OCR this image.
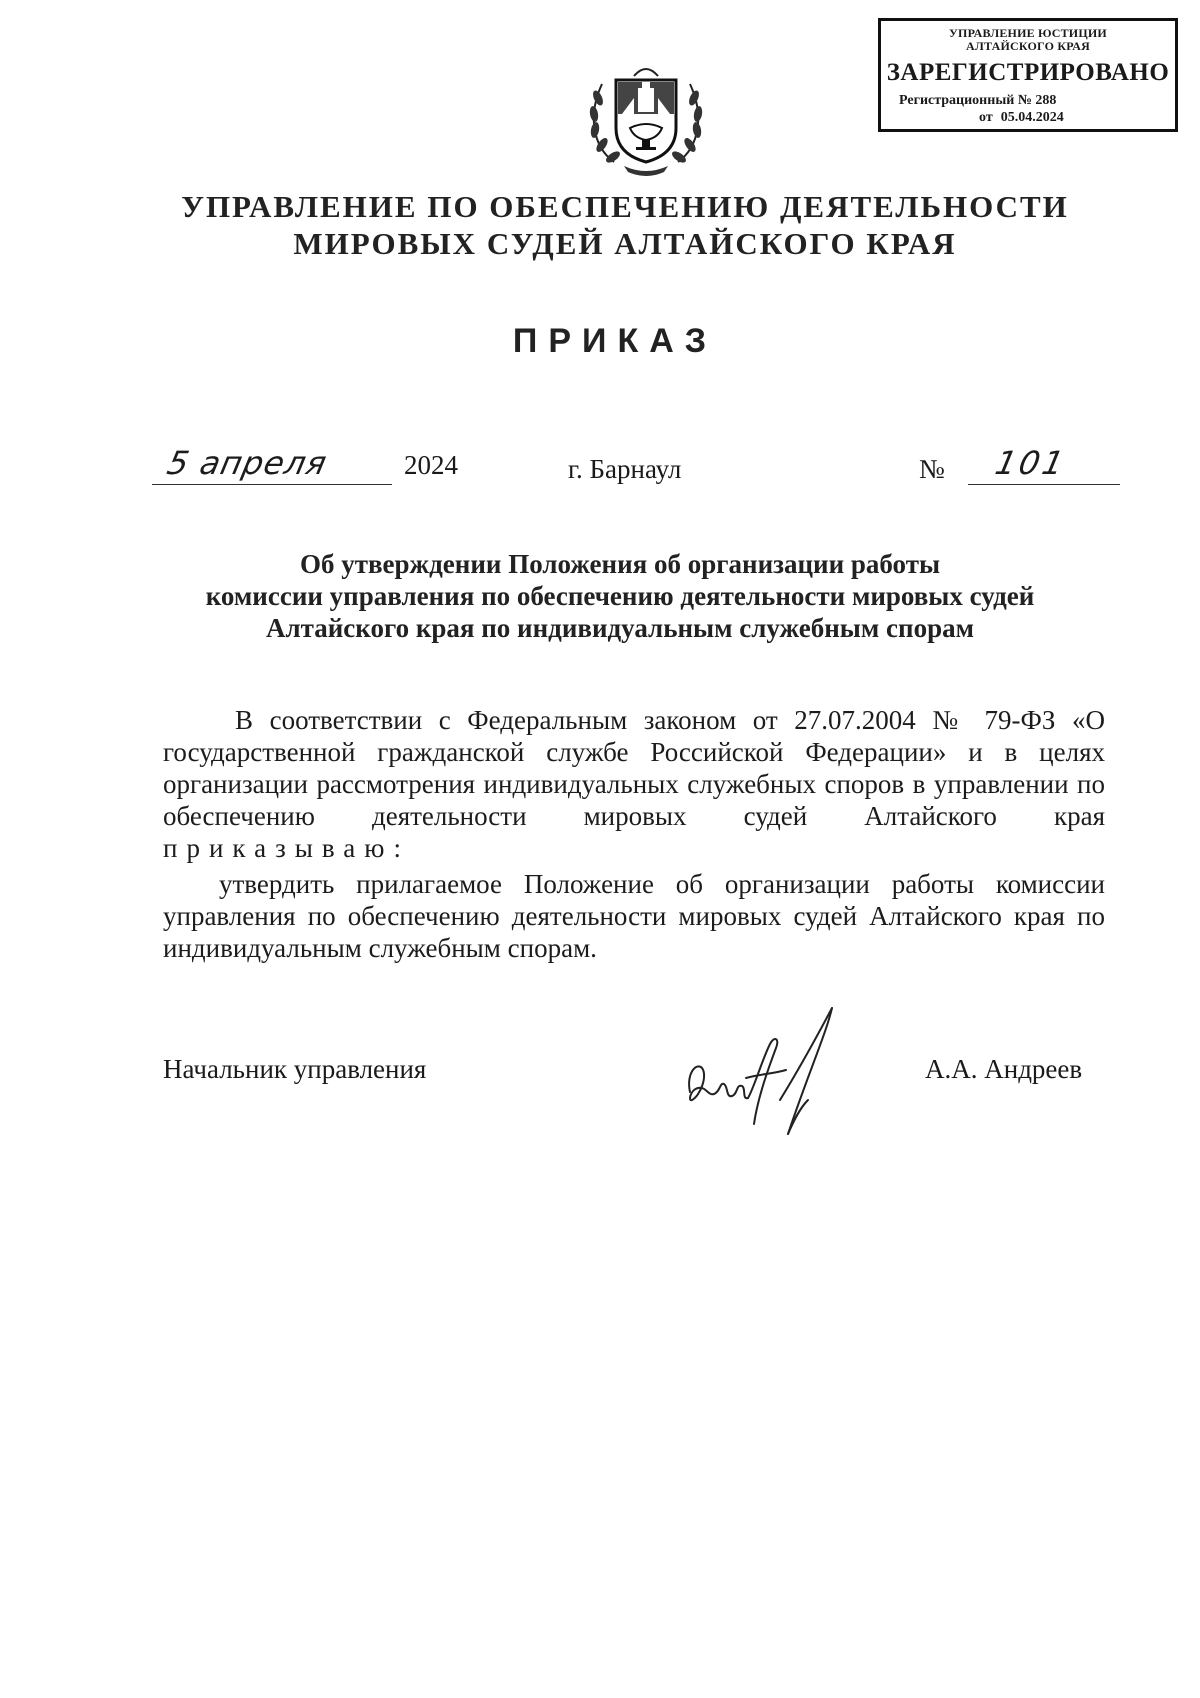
УПРАВЛЕНИЕ ЮСТИЦИИ
АЛТАЙСКОГО КРАЯ
ЗАРЕГИСТРИРОВАНО
Регистрационный № 288
от 05.04.2024
УПРАВЛЕНИЕ ПО ОБЕСПЕЧЕНИЮ ДЕЯТЕЛЬНОСТИ
МИРОВЫХ СУДЕЙ АЛТАЙСКОГО КРАЯ
ПРИКАЗ
5 апреля	2024	г. Барнаул	№ 101
Об утверждении Положения об организации работы
комиссии управления по обеспечению деятельности мировых судей
Алтайского края по индивидуальным служебным спорам
В соответствии с Федеральным законом от 27.07.2004 № 79-ФЗ «О государственной гражданской службе Российской Федерации» и в целях организации рассмотрения индивидуальных служебных споров в управлении по обеспечению деятельности мировых судей Алтайского края приказываю:
утвердить прилагаемое Положение об организации работы комиссии управления по обеспечению деятельности мировых судей Алтайского края по индивидуальным служебным спорам.
Начальник управления	А.А. Андреев
